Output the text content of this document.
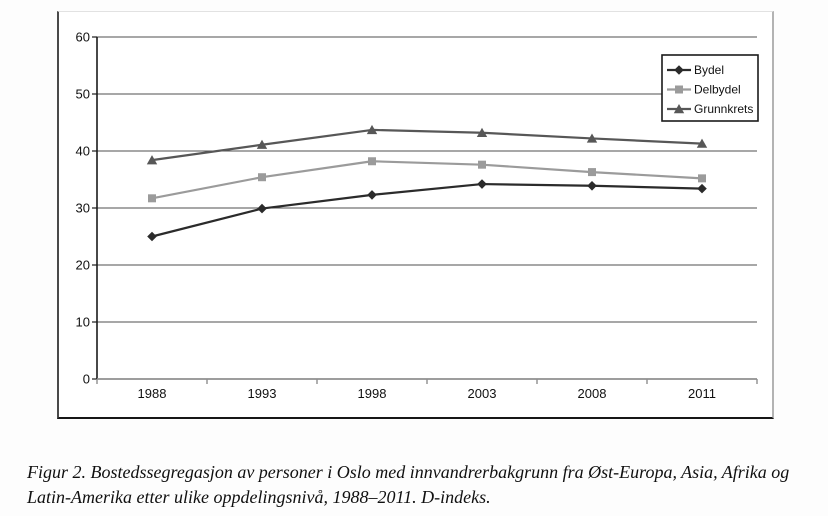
0
10
20
30
40
50
60
1988	1993	1998	2003	2008	2011
Bydel
Delbydel
Grunnkrets
Figur 2. Bostedssegregasjon av personer i Oslo med innvandrerbakgrunn fra Øst-Europa, Asia, Afrika og
Latin-Amerika etter ulike oppdelingsnivå, 1988–2011. D-indeks.
